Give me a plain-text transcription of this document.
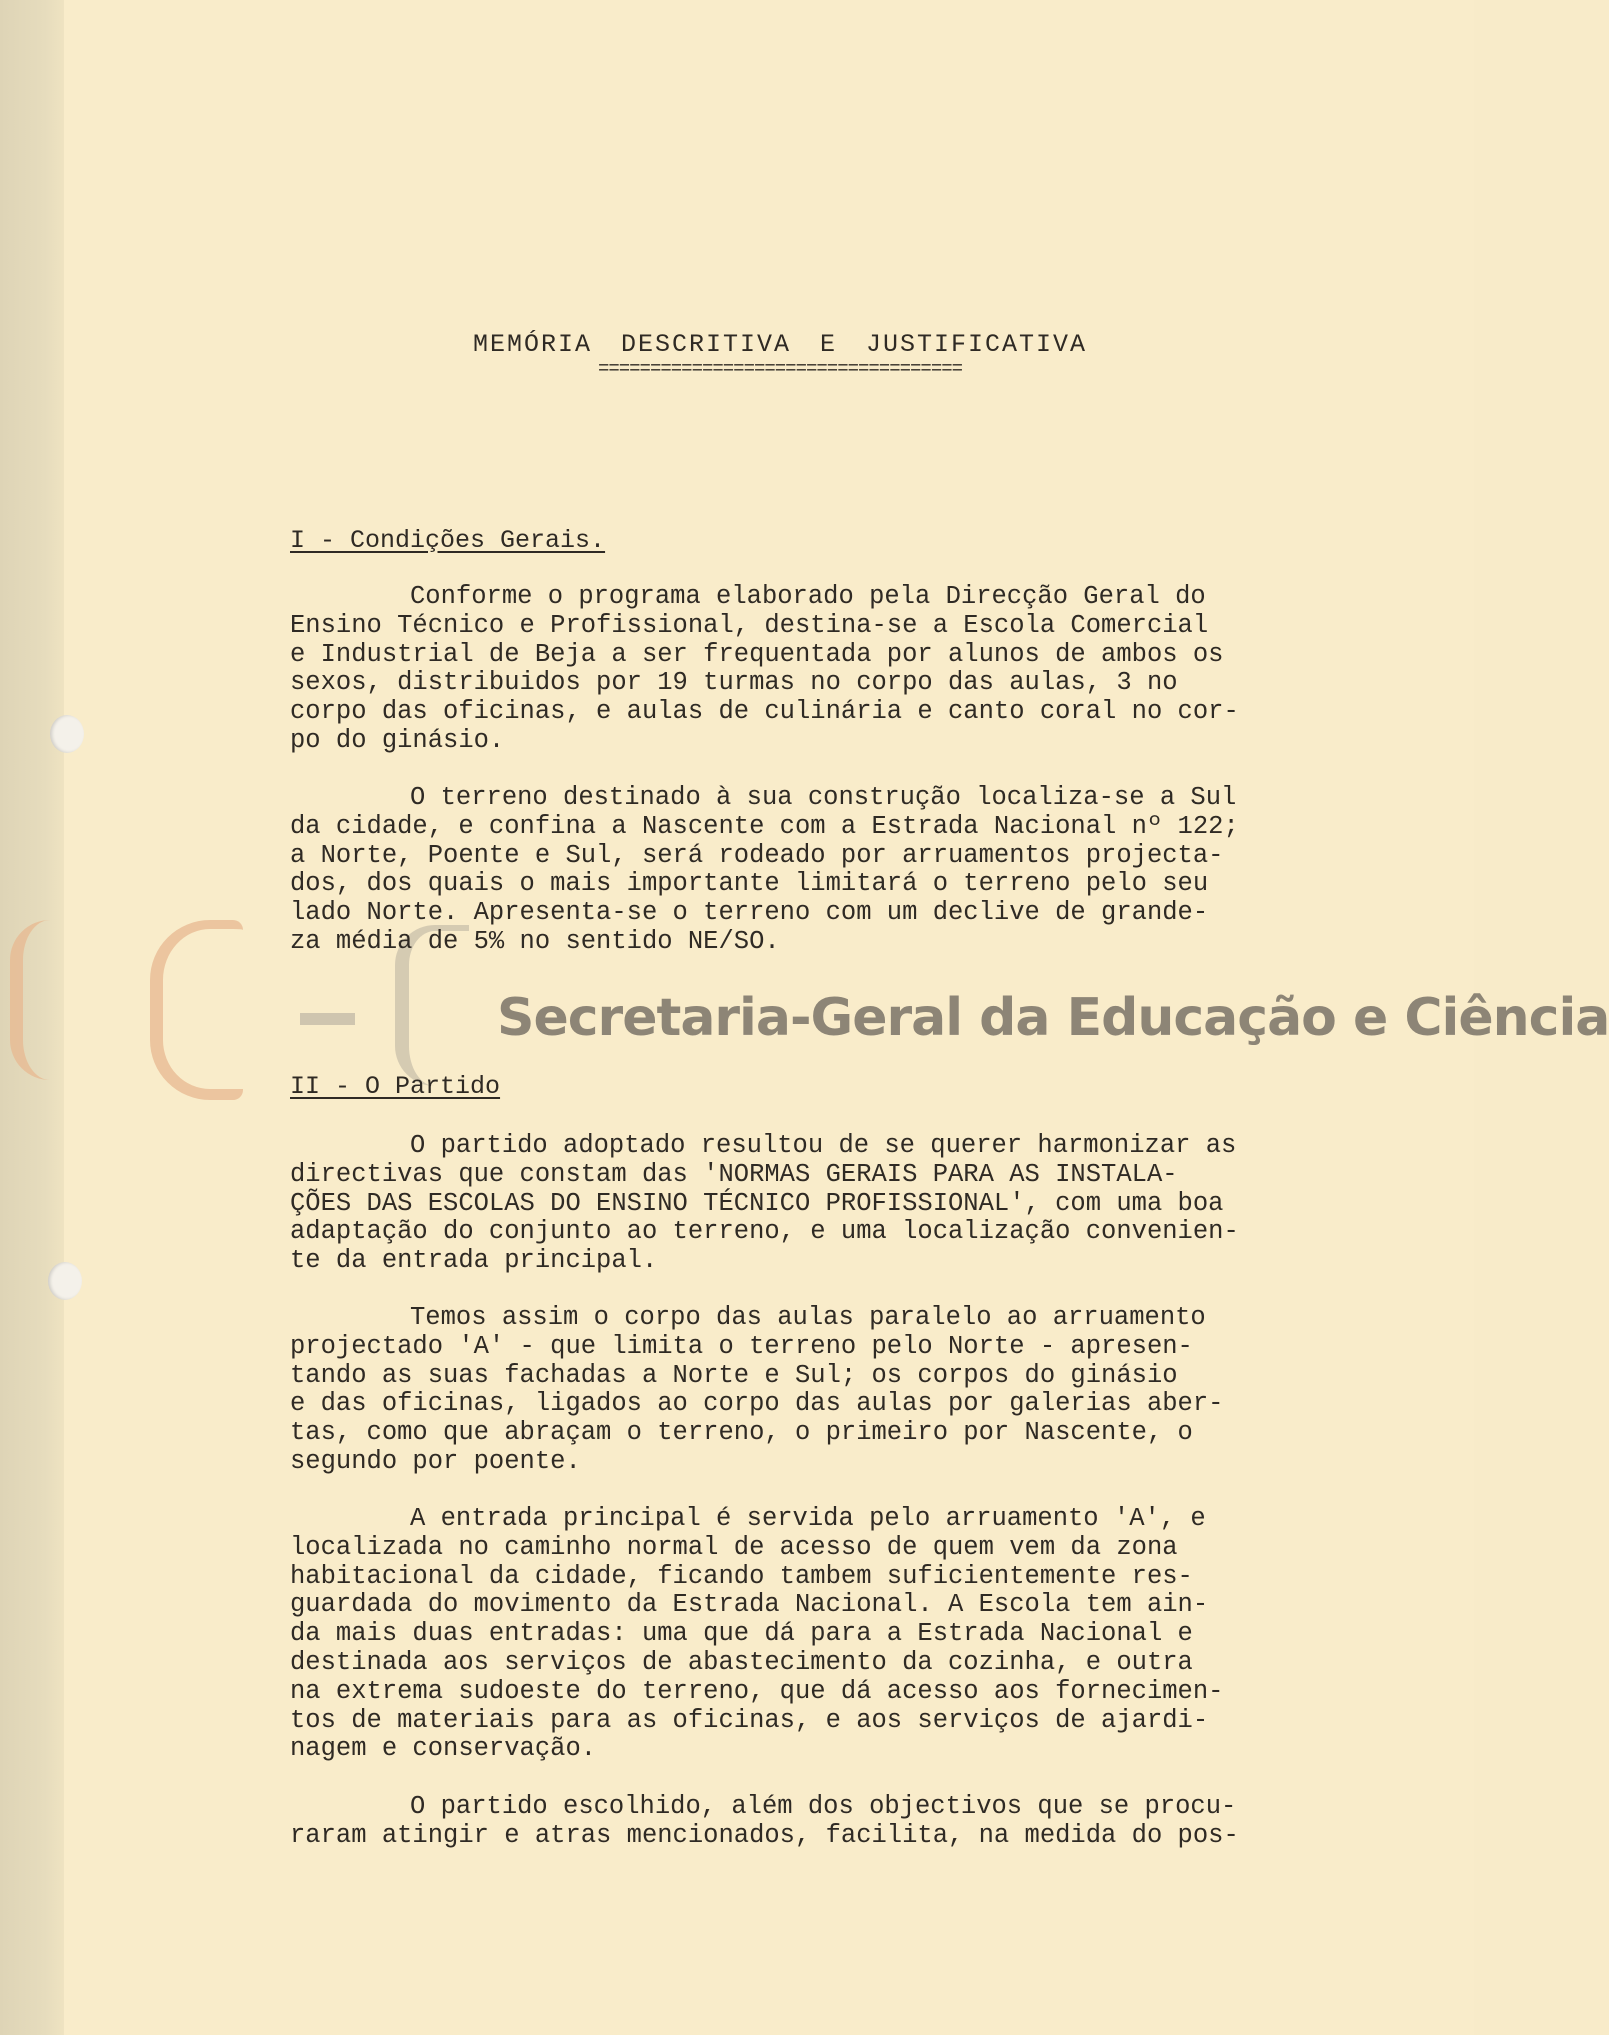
Secretaria-Geral da Educação e Ciência
MEMÓRIA DESCRITIVA E JUSTIFICATIVA
===================================
I - Condições Gerais.
Conforme o programa elaborado pela Direcção Geral do
Ensino Técnico e Profissional, destina-se a Escola Comercial
e Industrial de Beja a ser frequentada por alunos de ambos os
sexos, distribuidos por 19 turmas no corpo das aulas, 3 no
corpo das oficinas, e aulas de culinária e canto coral no cor-
po do ginásio.
O terreno destinado à sua construção localiza-se a Sul
da cidade, e confina a Nascente com a Estrada Nacional nº 122;
a Norte, Poente e Sul, será rodeado por arruamentos projecta-
dos, dos quais o mais importante limitará o terreno pelo seu
lado Norte. Apresenta-se o terreno com um declive de grande-
za média de 5% no sentido NE/SO.
II - O Partido
O partido adoptado resultou de se querer harmonizar as
directivas que constam das 'NORMAS GERAIS PARA AS INSTALA-
ÇÕES DAS ESCOLAS DO ENSINO TÉCNICO PROFISSIONAL', com uma boa
adaptação do conjunto ao terreno, e uma localização convenien-
te da entrada principal.
Temos assim o corpo das aulas paralelo ao arruamento
projectado 'A' - que limita o terreno pelo Norte - apresen-
tando as suas fachadas a Norte e Sul; os corpos do ginásio
e das oficinas, ligados ao corpo das aulas por galerias aber-
tas, como que abraçam o terreno, o primeiro por Nascente, o
segundo por poente.
A entrada principal é servida pelo arruamento 'A', e
localizada no caminho normal de acesso de quem vem da zona
habitacional da cidade, ficando tambem suficientemente res-
guardada do movimento da Estrada Nacional. A Escola tem ain-
da mais duas entradas: uma que dá para a Estrada Nacional e
destinada aos serviços de abastecimento da cozinha, e outra
na extrema sudoeste do terreno, que dá acesso aos fornecimen-
tos de materiais para as oficinas, e aos serviços de ajardi-
nagem e conservação.
O partido escolhido, além dos objectivos que se procu-
raram atingir e atras mencionados, facilita, na medida do pos-
